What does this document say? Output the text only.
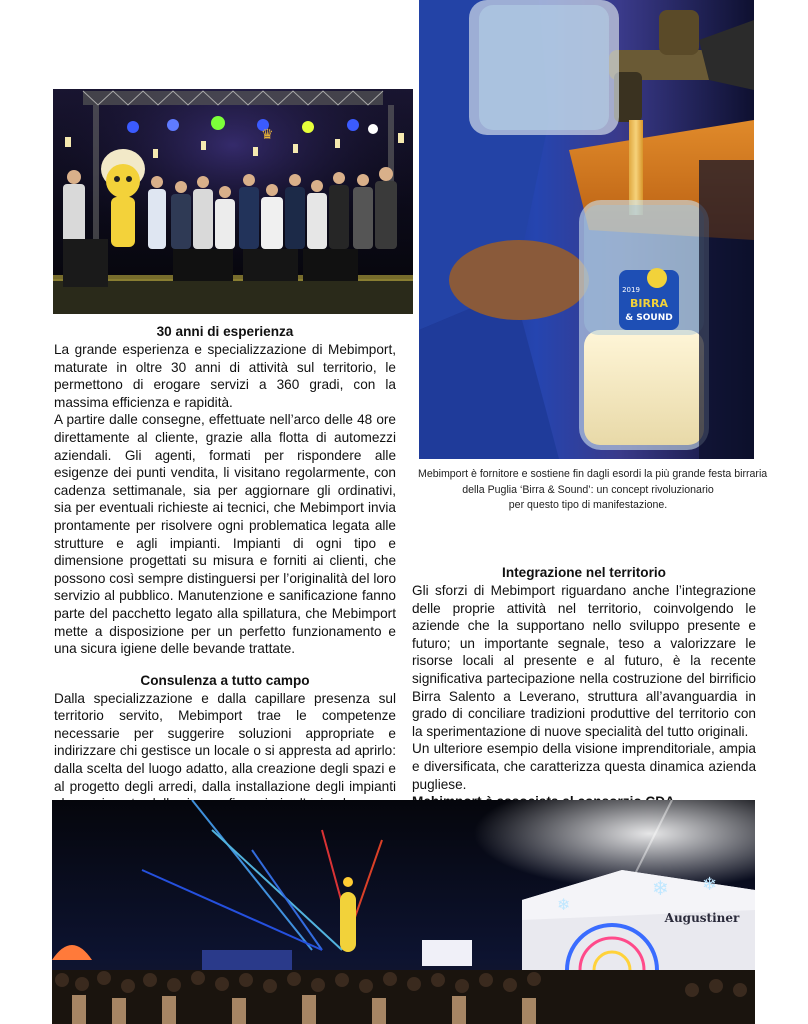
♛
BIRRA
& SOUND
2019
Mebimport è fornitore e sostiene fin dagli esordi la più grande festa birraria
della Puglia ‘Birra & Sound’: un concept rivoluzionario
per questo tipo di manifestazione.
30 anni di esperienza

La grande esperienza e specializzazione di Mebimport, maturate in oltre 30 anni di attività sul territorio, le permettono di erogare servizi a 360 gradi, con la massima efficienza e rapidità.

A partire dalle consegne, effettuate nell’arco delle 48 ore direttamente al cliente, grazie alla flotta di automezzi aziendali. Gli agenti, formati per rispondere alle esigenze dei punti vendita, li visitano regolarmente, con cadenza settimanale, sia per aggiornare gli ordinativi, sia per eventuali richieste ai tecnici, che Mebimport invia prontamente per risolvere ogni problematica legata alle strutture e agli impianti. Impianti di ogni tipo e dimensione progettati su misura e forniti ai clienti, che possono così sempre distinguersi per l’originalità del loro servizio al pubblico. Manutenzione e sanificazione fanno parte del pacchetto legato alla spillatura, che Mebimport mette a disposizione per un perfetto funzionamento e una sicura igiene delle bevande trattate.

Consulenza a tutto campo

Dalla specializzazione e dalla capillare presenza sul territorio servito, Mebimport trae le competenze necessarie per suggerire soluzioni appropriate e indirizzare chi gestisce un locale o si appresta ad aprirlo: dalla scelta del luogo adatto, alla creazione degli spazi e al progetto degli arredi, dalla installazione degli impianti

Integrazione nel territorio

Gli sforzi di Mebimport riguardano anche l’integrazione delle proprie attività nel territorio, coinvolgendo le aziende che la supportano nello sviluppo presente e futuro; un importante segnale, teso a valorizzare le risorse locali al presente e al futuro, è la recente significativa partecipazione nella costruzione del birrificio Birra Salento a Leverano, struttura all’avanguardia in grado di conciliare tradizioni produttive del territorio con la sperimentazione di nuove specialità del tutto originali.

Un ulteriore esempio della visione imprenditoriale, ampia e diversificata, che caratterizza questa dinamica azienda pugliese.

Augustiner
❄ ❄
❄
